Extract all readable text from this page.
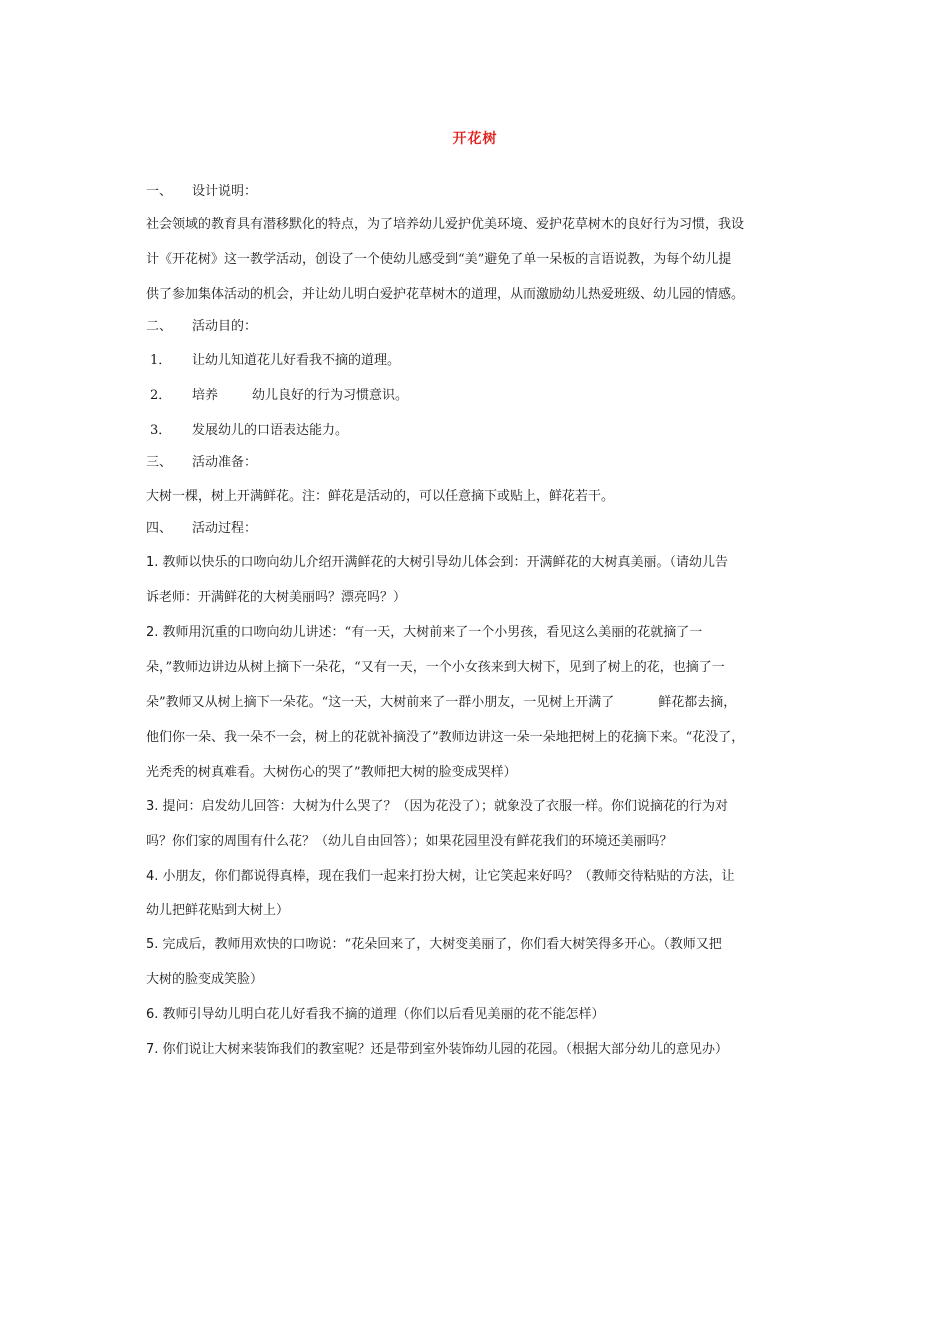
开花树
一、 设计说明：
社会领域的教育具有潜移默化的特点，为了培养幼儿爱护优美环境、爱护花草树木的良好行为习惯，我设
计《开花树》这一教学活动，创设了一个使幼儿感受到“美”避免了单一呆板的言语说教，为每个幼儿提
供了参加集体活动的机会，并让幼儿明白爱护花草树木的道理，从而激励幼儿热爱班级、幼儿园的情感。
二、 活动目的：
1． 让幼儿知道花儿好看我不摘的道理。
2． 培养	幼儿良好的行为习惯意识。
3． 发展幼儿的口语表达能力。
三、 活动准备：
大树一棵，树上开满鲜花。注：鲜花是活动的，可以任意摘下或贴上，鲜花若干。
四、 活动过程：
1. 教师以快乐的口吻向幼儿介绍开满鲜花的大树引导幼儿体会到：开满鲜花的大树真美丽。（请幼儿告
诉老师：开满鲜花的大树美丽吗？漂亮吗？）
2. 教师用沉重的口吻向幼儿讲述：“有一天，大树前来了一个小男孩，看见这么美丽的花就摘了一
朵，”教师边讲边从树上摘下一朵花，“又有一天，一个小女孩来到大树下，见到了树上的花，也摘了一
朵”教师又从树上摘下一朵花。“这一天，大树前来了一群小朋友，一见树上开满了	鲜花都去摘，
他们你一朵、我一朵不一会，树上的花就补摘没了”教师边讲这一朵一朵地把树上的花摘下来。“花没了，
光秃秃的树真难看。大树伤心的哭了”教师把大树的脸变成哭样）
3. 提问：启发幼儿回答：大树为什么哭了？（因为花没了）；就象没了衣服一样。你们说摘花的行为对
吗？你们家的周围有什么花？（幼儿自由回答）；如果花园里没有鲜花我们的环境还美丽吗？
4. 小朋友，你们都说得真棒，现在我们一起来打扮大树，让它笑起来好吗？（教师交待粘贴的方法，让
幼儿把鲜花贴到大树上）
5. 完成后，教师用欢快的口吻说：“花朵回来了，大树变美丽了，你们看大树笑得多开心。（教师又把
大树的脸变成笑脸）
6. 教师引导幼儿明白花儿好看我不摘的道理（你们以后看见美丽的花不能怎样）
7. 你们说让大树来装饰我们的教室呢？还是带到室外装饰幼儿园的花园。（根据大部分幼儿的意见办）
